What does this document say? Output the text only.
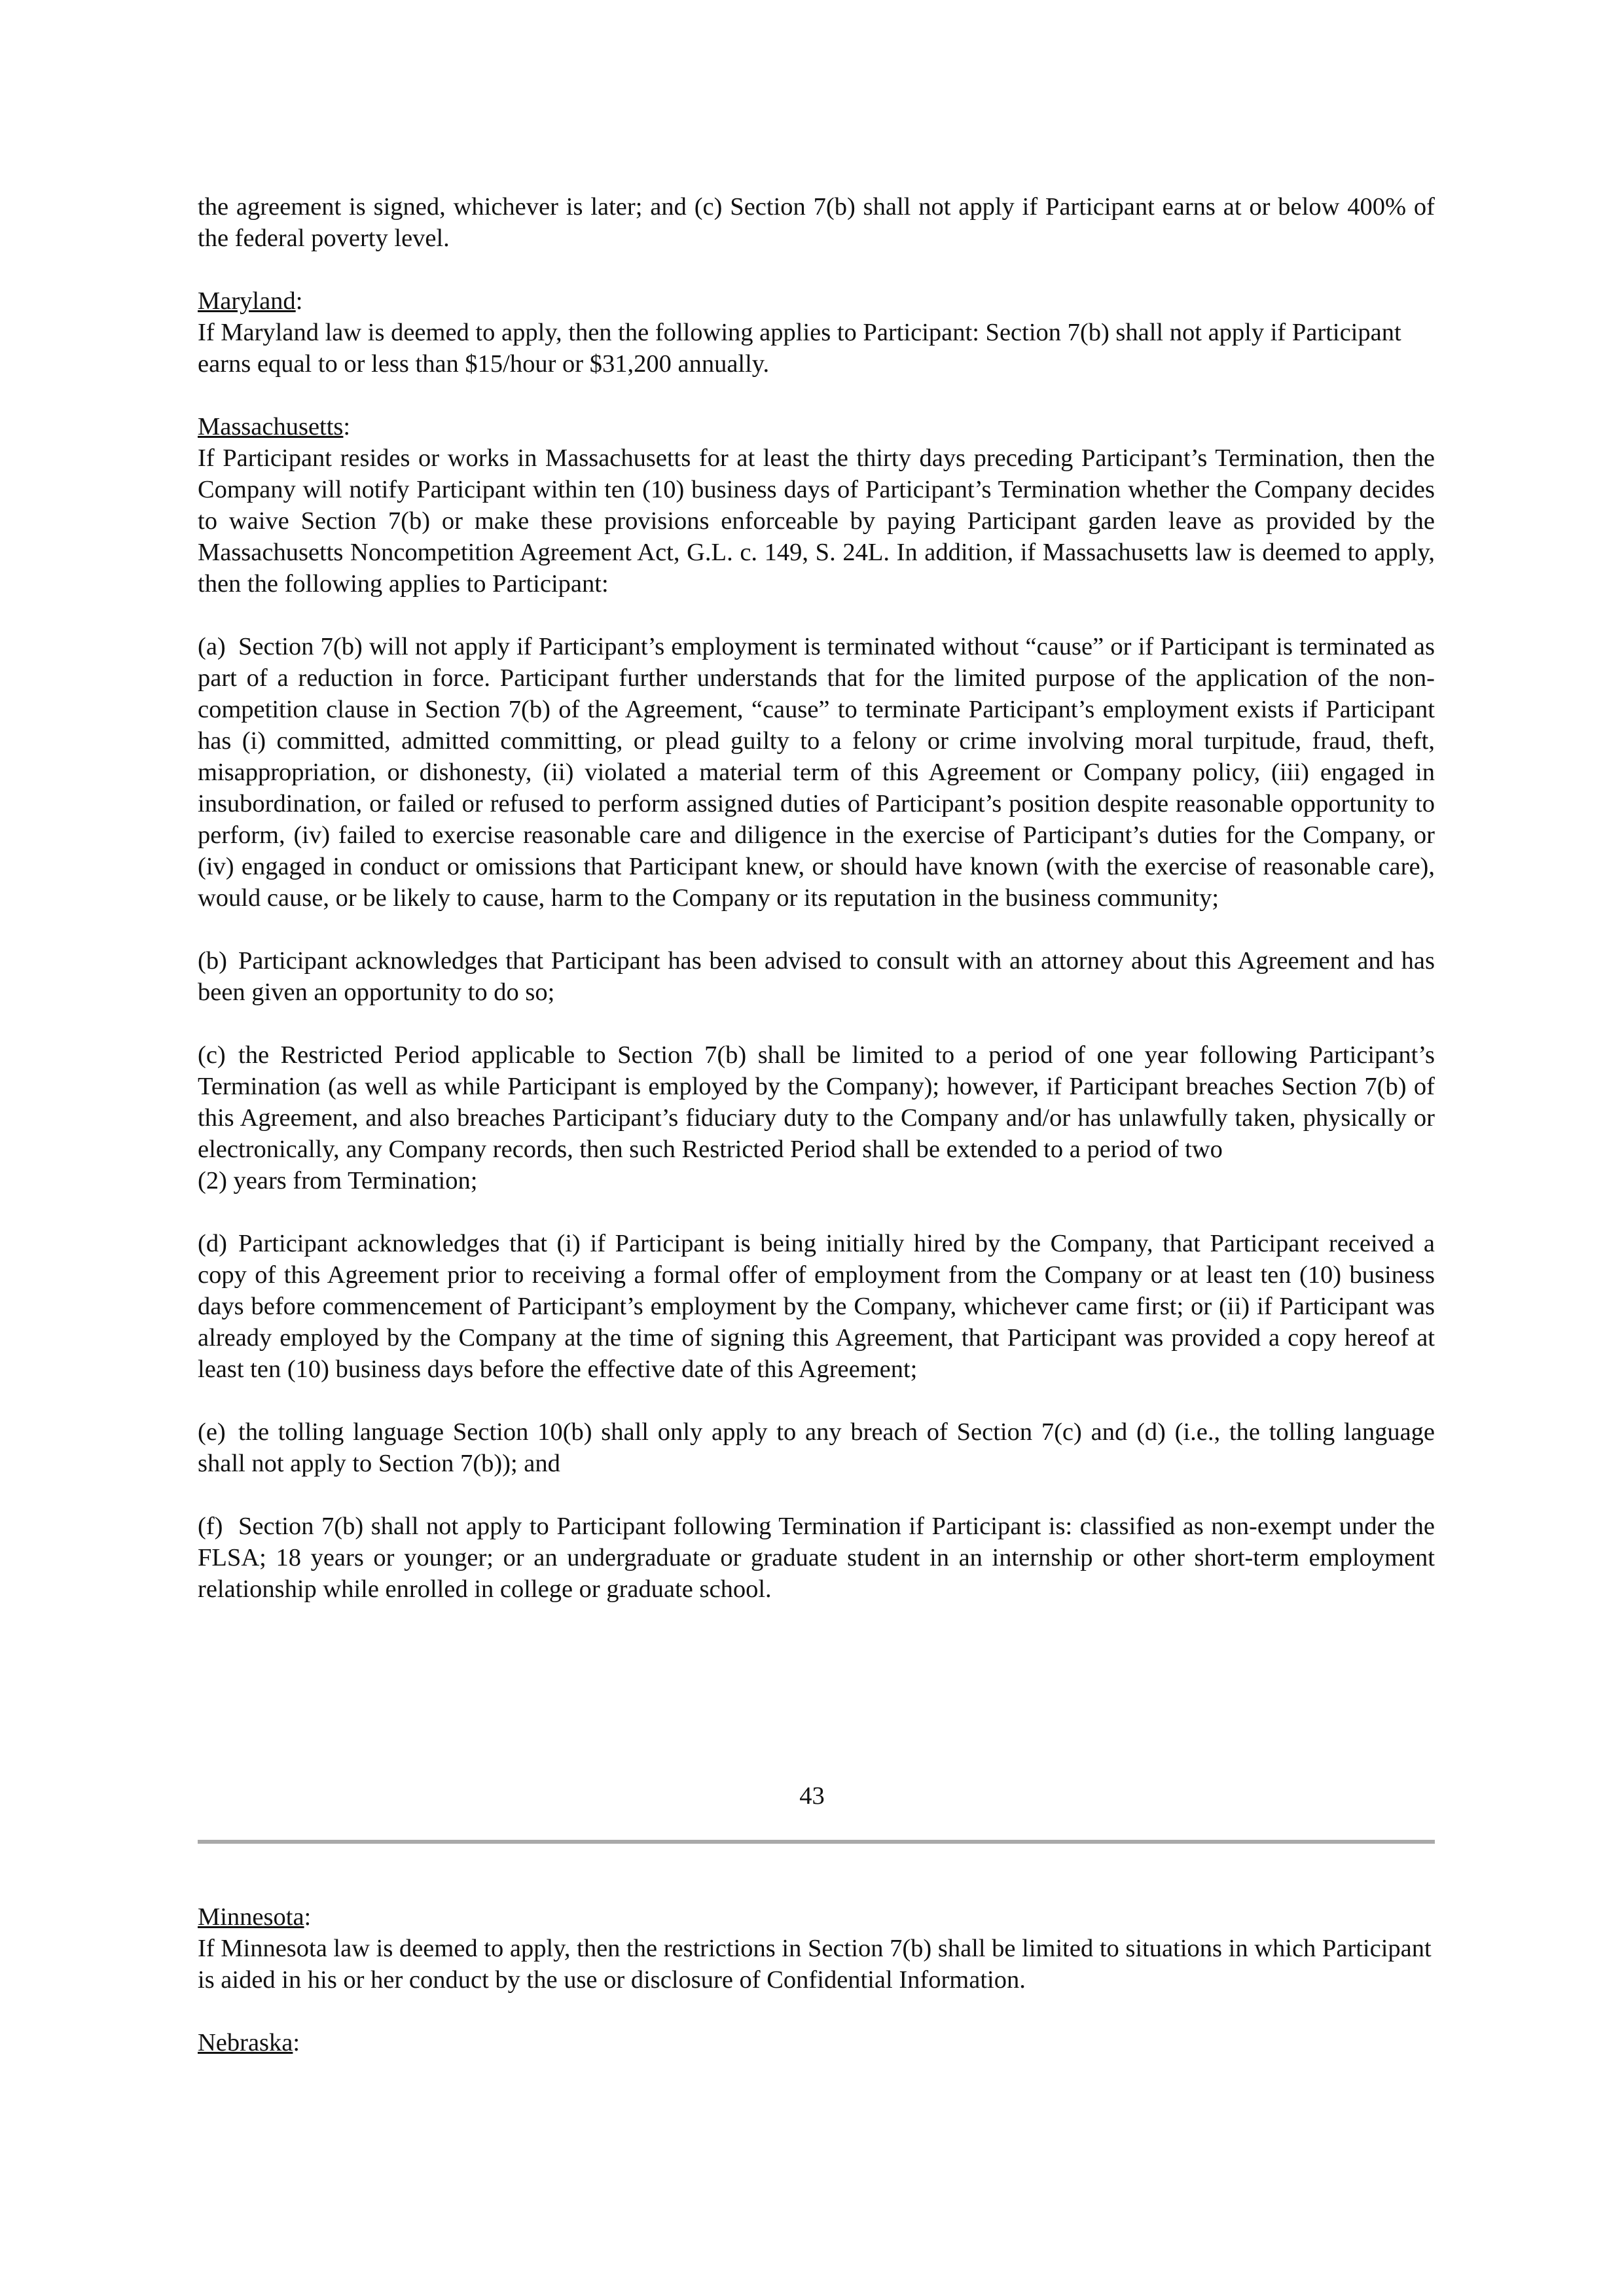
the agreement is signed, whichever is later; and (c) Section 7(b) shall not apply if Participant earns at or below 400% of the federal poverty level.

Maryland:

If Maryland law is deemed to apply, then the following applies to Participant: Section 7(b) shall not apply if Participant earns equal to or less than $15/hour or $31,200 annually.

Massachusetts:

If Participant resides or works in Massachusetts for at least the thirty days preceding Participant’s Termination, then the Company will notify Participant within ten (10) business days of Participant’s Termination whether the Company decides to waive Section 7(b) or make these provisions enforceable by paying Participant garden leave as provided by the Massachusetts Noncompetition Agreement Act, G.L. c. 149, S. 24L. In addition, if Massachusetts law is deemed to apply, then the following applies to Participant:

(a) Section 7(b) will not apply if Participant’s employment is terminated without “cause” or if Participant is terminated as part of a reduction in force. Participant further understands that for the limited purpose of the application of the non-competition clause in Section 7(b) of the Agreement, “cause” to terminate Participant’s employment exists if Participant has (i) committed, admitted committing, or plead guilty to a felony or crime involving moral turpitude, fraud, theft, misappropriation, or dishonesty, (ii) violated a material term of this Agreement or Company policy, (iii) engaged in insubordination, or failed or refused to perform assigned duties of Participant’s position despite reasonable opportunity to perform, (iv) failed to exercise reasonable care and diligence in the exercise of Participant’s duties for the Company, or (iv) engaged in conduct or omissions that Participant knew, or should have known (with the exercise of reasonable care), would cause, or be likely to cause, harm to the Company or its reputation in the business community;

(b) Participant acknowledges that Participant has been advised to consult with an attorney about this Agreement and has been given an opportunity to do so;

(c) the Restricted Period applicable to Section 7(b) shall be limited to a period of one year following Participant’s Termination (as well as while Participant is employed by the Company); however, if Participant breaches Section 7(b) of this Agreement, and also breaches Participant’s fiduciary duty to the Company and/or has unlawfully taken, physically or electronically, any Company records, then such Restricted Period shall be extended to a period of two

(2) years from Termination;

(d) Participant acknowledges that (i) if Participant is being initially hired by the Company, that Participant received a copy of this Agreement prior to receiving a formal offer of employment from the Company or at least ten (10) business days before commencement of Participant’s employment by the Company, whichever came first; or (ii) if Participant was already employed by the Company at the time of signing this Agreement, that Participant was provided a copy hereof at least ten (10) business days before the effective date of this Agreement;

(e) the tolling language Section 10(b) shall only apply to any breach of Section 7(c) and (d) (i.e., the tolling language shall not apply to Section 7(b)); and

(f) Section 7(b) shall not apply to Participant following Termination if Participant is: classified as non-exempt under the FLSA; 18 years or younger; or an undergraduate or graduate student in an internship or other short-term employment relationship while enrolled in college or graduate school.

43

Minnesota:

If Minnesota law is deemed to apply, then the restrictions in Section 7(b) shall be limited to situations in which Participant is aided in his or her conduct by the use or disclosure of Confidential Information.

Nebraska:
